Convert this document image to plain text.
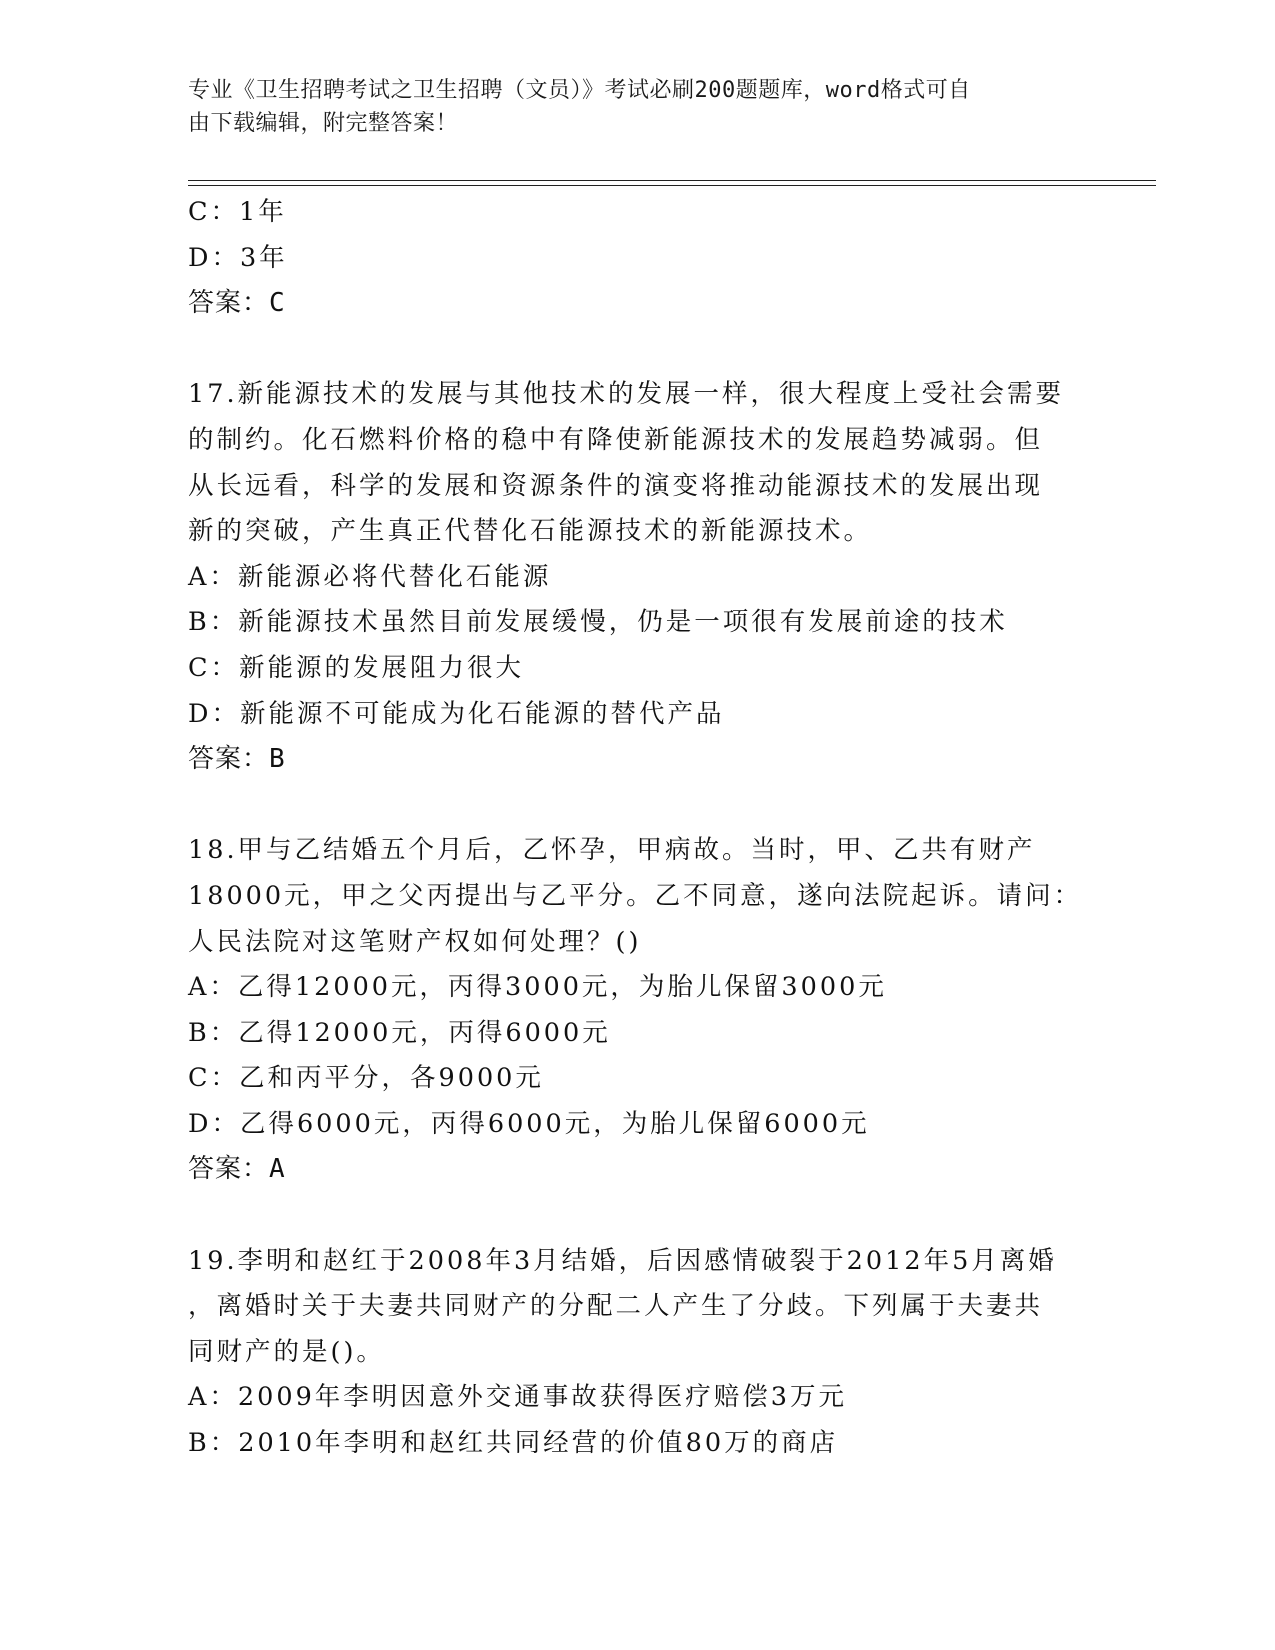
专业《卫生招聘考试之卫生招聘（文员）》考试必刷200题题库，word格式可自
由下载编辑，附完整答案！
C：1年
D：3年
答案：C
17.新能源技术的发展与其他技术的发展一样，很大程度上受社会需要
的制约。化石燃料价格的稳中有降使新能源技术的发展趋势减弱。但
从长远看，科学的发展和资源条件的演变将推动能源技术的发展出现
新的突破，产生真正代替化石能源技术的新能源技术。
A：新能源必将代替化石能源
B：新能源技术虽然目前发展缓慢，仍是一项很有发展前途的技术
C：新能源的发展阻力很大
D：新能源不可能成为化石能源的替代产品
答案：B
18.甲与乙结婚五个月后，乙怀孕，甲病故。当时，甲、乙共有财产
18000元，甲之父丙提出与乙平分。乙不同意，遂向法院起诉。请问：
人民法院对这笔财产权如何处理？()
A：乙得12000元，丙得3000元，为胎儿保留3000元
B：乙得12000元，丙得6000元
C：乙和丙平分，各9000元
D：乙得6000元，丙得6000元，为胎儿保留6000元
答案：A
19.李明和赵红于2008年3月结婚，后因感情破裂于2012年5月离婚
，离婚时关于夫妻共同财产的分配二人产生了分歧。下列属于夫妻共
同财产的是()。
A：2009年李明因意外交通事故获得医疗赔偿3万元
B：2010年李明和赵红共同经营的价值80万的商店
